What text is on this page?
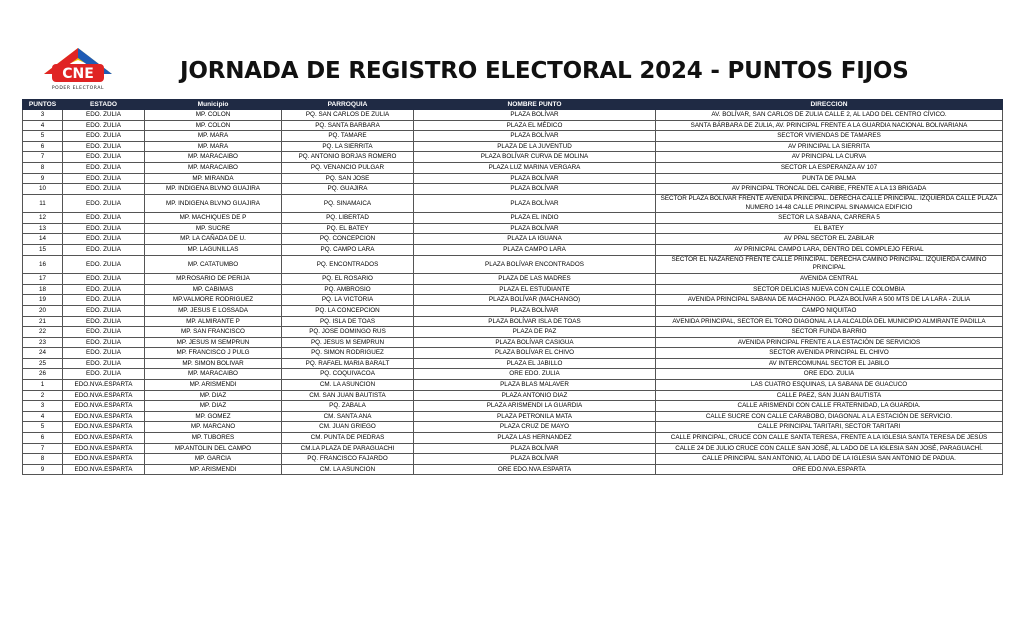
CNE
PODER ELECTORAL
JORNADA DE REGISTRO ELECTORAL 2024 - PUNTOS FIJOS
PUNTOS	ESTADO	Municipio	PARROQUIA	NOMBRE PUNTO	DIRECCION
3	EDO. ZULIA	MP. COLON	PQ. SAN CARLOS DE ZULIA	PLAZA BOLÍVAR	AV. BOLÍVAR, SAN CARLOS DE ZULIA CALLE 2, AL LADO DEL CENTRO CÍVICO.
4	EDO. ZULIA	MP. COLON	PQ. SANTA BARBARA	PLAZA EL MÉDICO	SANTA BÁRBARA DE ZULIA, AV. PRINCIPAL FRENTE A LA GUARDIA NACIONAL BOLIVARIANA
5	EDO. ZULIA	MP. MARA	PQ. TAMARE	PLAZA BOLÍVAR	SECTOR VIVIENDAS DE TAMARES
6	EDO. ZULIA	MP. MARA	PQ. LA SIERRITA	PLAZA DE LA JUVENTUD	AV PRINCIPAL LA SIERRITA
7	EDO. ZULIA	MP. MARACAIBO	PQ. ANTONIO BORJAS ROMERO	PLAZA BOLÍVAR CURVA DE MOLINA	AV PRINCIPAL LA CURVA
8	EDO. ZULIA	MP. MARACAIBO	PQ. VENANCIO PULGAR	PLAZA LUZ MARINA VERGARA	SECTOR LA ESPERANZA AV 107
9	EDO. ZULIA	MP. MIRANDA	PQ. SAN JOSE	PLAZA BOLÍVAR	PUNTA DE PALMA
10	EDO. ZULIA	MP. INDIGENA BLVNO GUAJIRA	PQ. GUAJIRA	PLAZA BOLÍVAR	AV PRINCIPAL TRONCAL DEL CARIBE, FRENTE A LA 13 BRIGADA
11	EDO. ZULIA	MP. INDIGENA BLVNO GUAJIRA	PQ. SINAMAICA	PLAZA BOLÍVAR	SECTOR PLAZA BOLÍVAR FRENTE AVENIDA PRINCIPAL. DERECHA CALLE PRINCIPAL. IZQUIERDA CALLE PLAZA NUMERO 14-48 CALLE PRINCIPAL SINAMAICA EDIFICIO
12	EDO. ZULIA	MP. MACHIQUES DE P	PQ. LIBERTAD	PLAZA EL INDIO	SECTOR LA SABANA, CARRERA 5
13	EDO. ZULIA	MP. SUCRE	PQ. EL BATEY	PLAZA BOLÍVAR	EL BATEY
14	EDO. ZULIA	MP. LA CAÑADA DE U.	PQ. CONCEPCION	PLAZA LA IGUANA	AV PPAL SECTOR EL ZABILAR
15	EDO. ZULIA	MP. LAGUNILLAS	PQ. CAMPO LARA	PLAZA CAMPO LARA	AV PRINICPAL CAMPO LARA, DENTRO DEL COMPLEJO FERIAL
16	EDO. ZULIA	MP. CATATUMBO	PQ. ENCONTRADOS	PLAZA BOLÍVAR ENCONTRADOS	SECTOR EL NAZARENO FRENTE CALLE PRINCIPAL. DERECHA CAMINO PRINCIPAL. IZQUIERDA CAMINO PRINCIPAL
17	EDO. ZULIA	MP.ROSARIO DE PERIJA	PQ. EL ROSARIO	PLAZA DE LAS MADRES	AVENIDA CENTRAL
18	EDO. ZULIA	MP. CABIMAS	PQ. AMBROSIO	PLAZA EL ESTUDIANTE	SECTOR DELICIAS NUEVA CON CALLE COLOMBIA
19	EDO. ZULIA	MP.VALMORE RODRIGUEZ	PQ. LA VICTORIA	PLAZA BOLÍVAR (MACHANGO)	AVENIDA PRINCIPAL SABANA DE MACHANGO. PLAZA BOLÍVAR A 500 MTS DE LA LARA - ZULIA
20	EDO. ZULIA	MP. JESUS E LOSSADA	PQ. LA CONCEPCION	PLAZA BOLÍVAR	CAMPO NIQUITAO
21	EDO. ZULIA	MP. ALMIRANTE P	PQ. ISLA DE TOAS	PLAZA BOLÍVAR ISLA DE TOAS	AVENIDA PRINCIPAL, SECTOR EL TORO DIAGONAL A LA ALCALDÍA DEL MUNICIPIO ALMIRANTE PADILLA
22	EDO. ZULIA	MP. SAN FRANCISCO	PQ. JOSE DOMINGO RUS	PLAZA DE PAZ	SECTOR FUNDA BARRIO
23	EDO. ZULIA	MP. JESUS M SEMPRUN	PQ. JESUS M SEMPRUN	PLAZA BOLÍVAR CASIGUA	AVENIDA PRINCIPAL FRENTE A LA ESTACIÓN DE SERVICIOS
24	EDO. ZULIA	MP. FRANCISCO J PULG	PQ. SIMON RODRIGUEZ	PLAZA BOLÍVAR EL CHIVO	SECTOR AVENIDA PRINCIPAL EL CHIVO
25	EDO. ZULIA	MP. SIMON BOLIVAR	PQ. RAFAEL MARIA BARALT	PLAZA EL JABILLO	AV INTERCOMUNAL SECTOR EL JABILO
26	EDO. ZULIA	MP. MARACAIBO	PQ. COQUIVACOA	ORE EDO. ZULIA	ORE EDO. ZULIA
1	EDO.NVA.ESPARTA	MP. ARISMENDI	CM. LA ASUNCION	PLAZA BLAS MALAVER	LAS CUATRO ESQUINAS, LA SABANA DE GUACUCO
2	EDO.NVA.ESPARTA	MP. DIAZ	CM. SAN JUAN BAUTISTA	PLAZA ANTONIO DIAZ	CALLE PAEZ, SAN JUAN BAUTISTA
3	EDO.NVA.ESPARTA	MP. DIAZ	PQ. ZABALA	PLAZA ARISMENDI LA GUARDIA	CALLE ARISMENDI CON CALLE FRATERNIDAD, LA GUARDIA.
4	EDO.NVA.ESPARTA	MP. GOMEZ	CM. SANTA ANA	PLAZA PETRONILA MATA	CALLE SUCRE CON CALLE CARABOBO, DIAGONAL A LA ESTACIÓN DE SERVICIO.
5	EDO.NVA.ESPARTA	MP. MARCANO	CM. JUAN GRIEGO	PLAZA CRUZ DE MAYO	CALLE PRINCIPAL TARITARI, SECTOR TARITARI
6	EDO.NVA.ESPARTA	MP. TUBORES	CM. PUNTA DE PIEDRAS	PLAZA LAS HERNANDEZ	CALLE PRINCIPAL, CRUCE CON CALLE SANTA TERESA, FRENTE A LA IGLESIA SANTA TERESA DE JESÚS
7	EDO.NVA.ESPARTA	MP.ANTOLIN DEL CAMPO	CM.LA PLAZA DE PARAGUACHI	PLAZA BOLÍVAR	CALLE 24 DE JULIO CRUCE CON CALLE SAN JOSÉ, AL LADO DE LA IGLESIA SAN JOSÉ, PARAGUACHÍ.
8	EDO.NVA.ESPARTA	MP. GARCIA	PQ. FRANCISCO FAJARDO	PLAZA BOLÍVAR	CALLE PRINCIPAL SAN ANTONIO, AL LADO DE LA IGLESIA SAN ANTONIO DE PADUA.
9	EDO.NVA.ESPARTA	MP. ARISMENDI	CM. LA ASUNCION	ORE EDO.NVA.ESPARTA	ORE EDO.NVA.ESPARTA
